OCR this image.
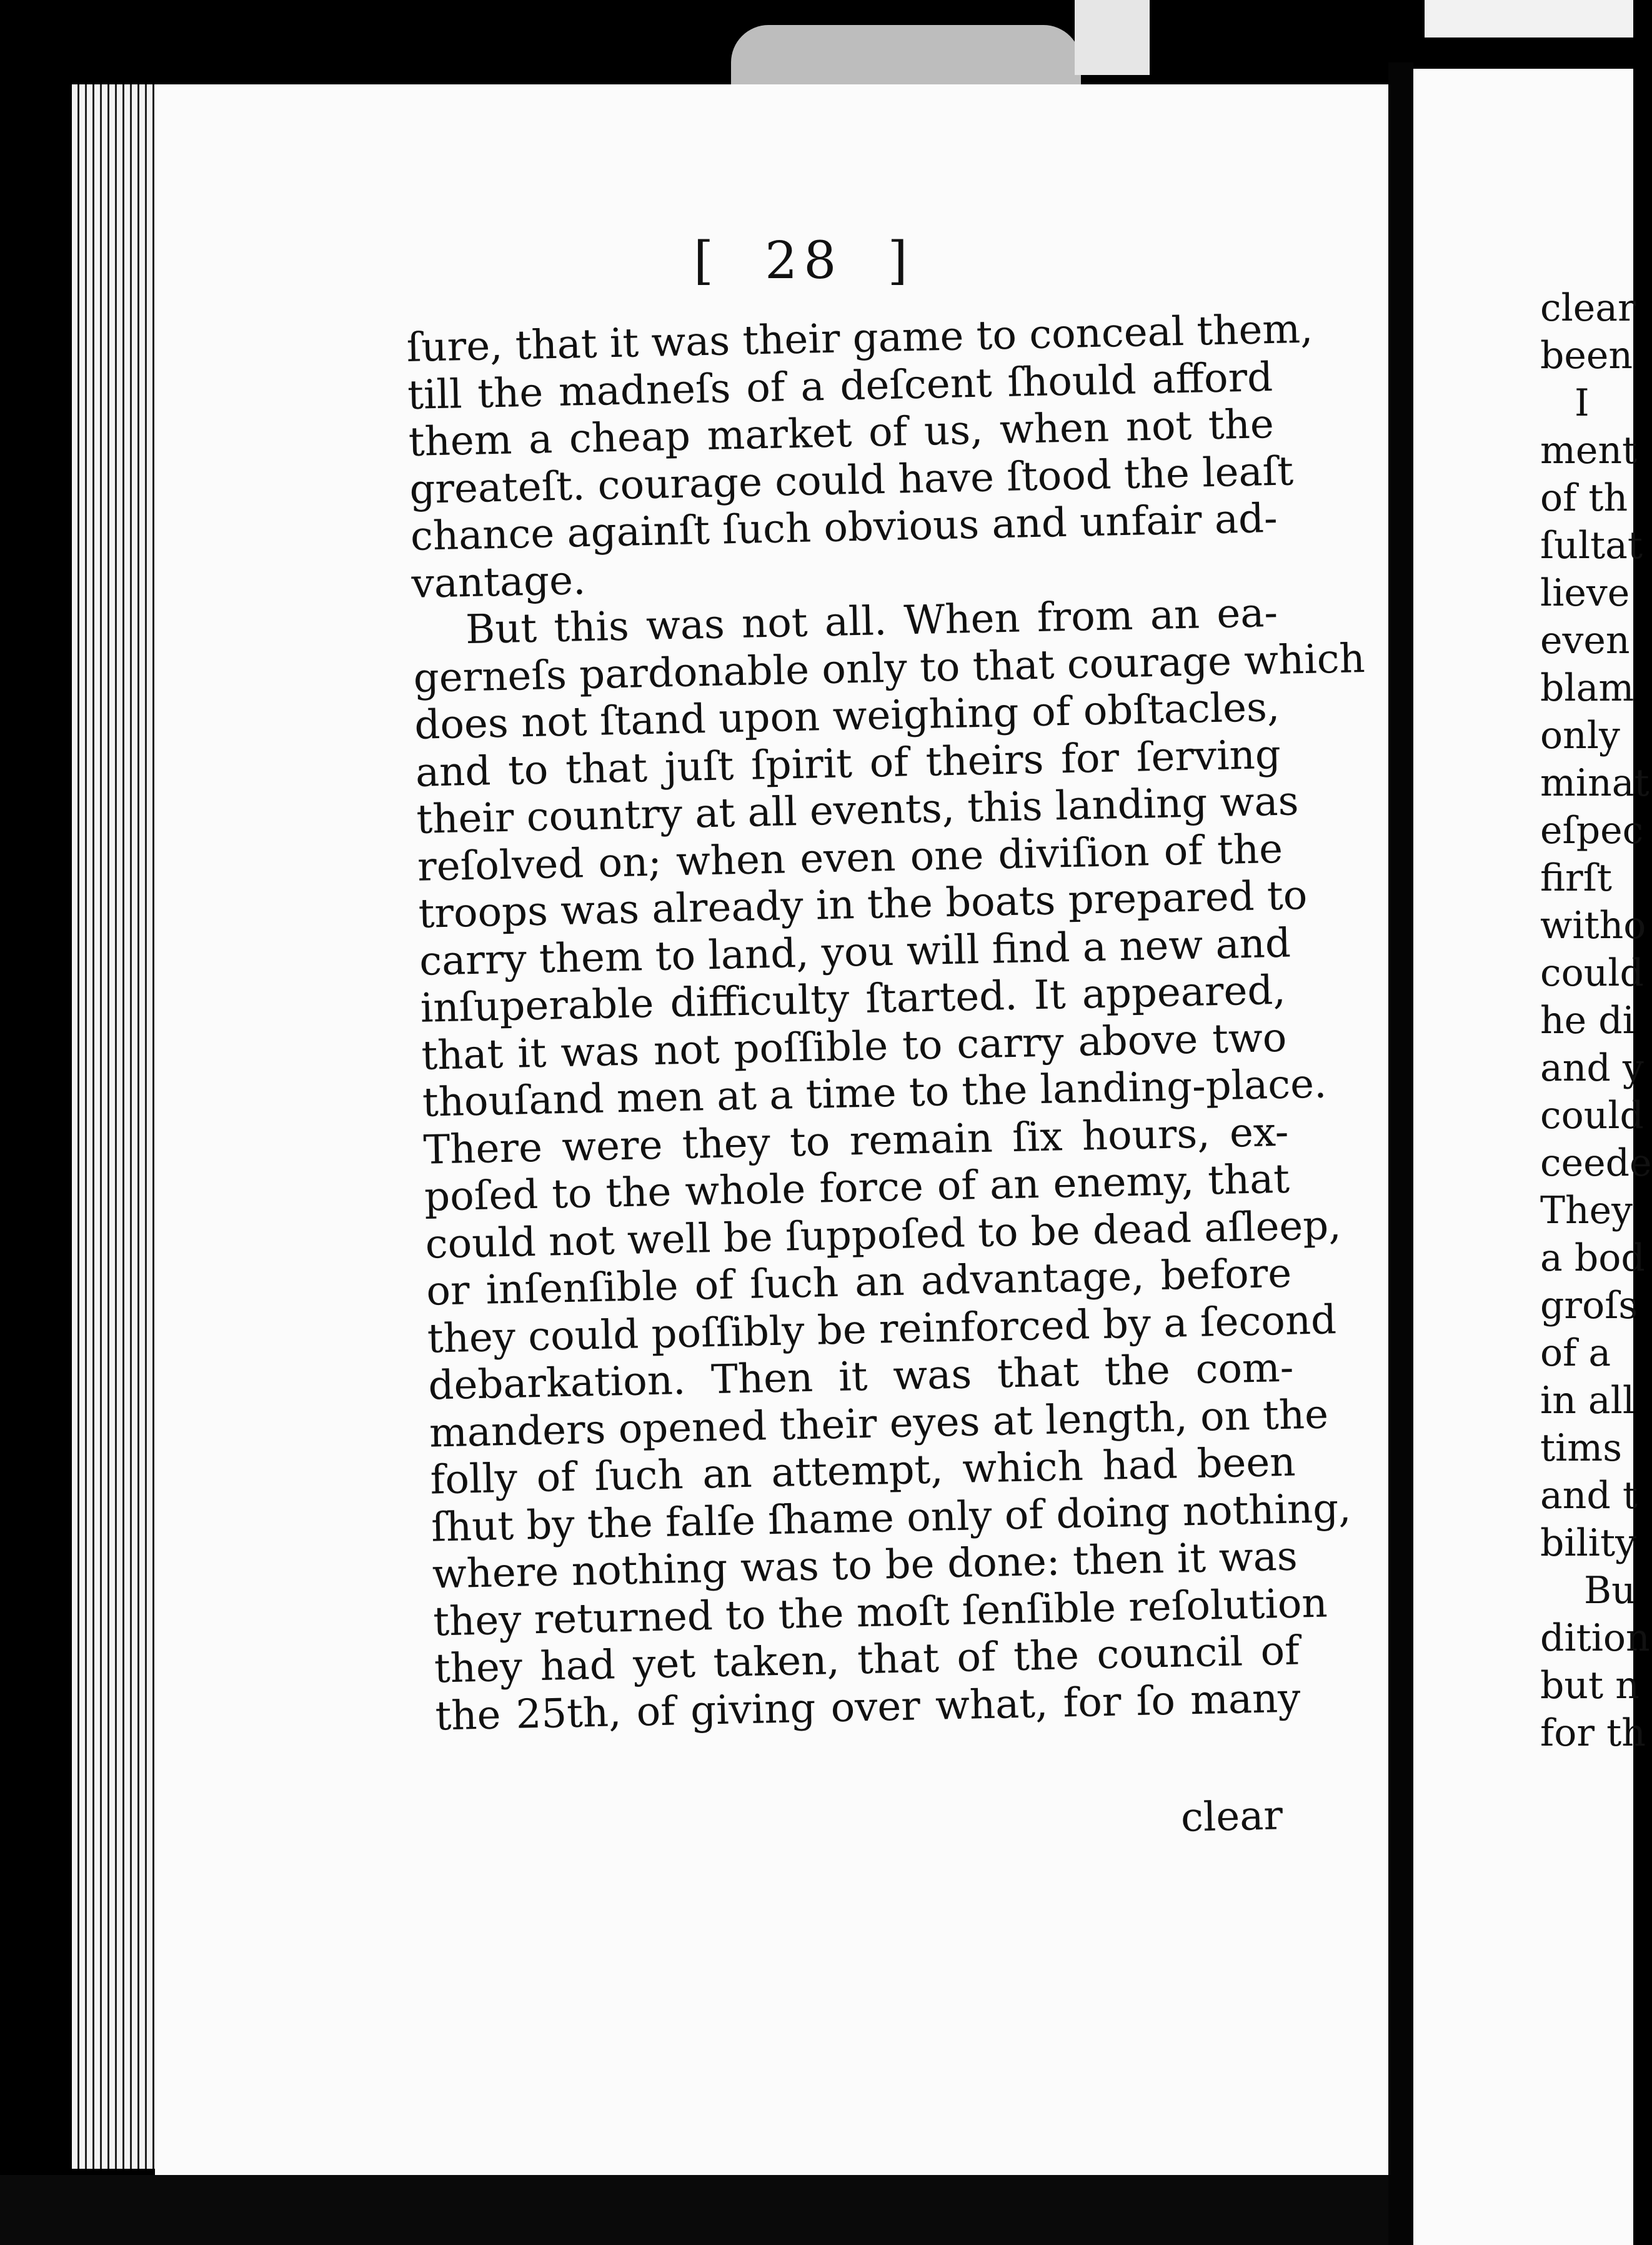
[  28  ]
ſure, that it was their game to conceal them,
till the madneſs of a deſcent ſhould afford
them a cheap market of us, when not the
greateſt. courage could have ſtood the leaſt
chance againſt ſuch obvious and unfair ad-
vantage.
But this was not all. When from an ea-
gerneſs pardonable only to that courage which
does not ſtand upon weighing of obſtacles,
and to that juſt ſpirit of theirs for ſerving
their country at all events, this landing was
reſolved on; when even one diviſion of the
troops was already in the boats prepared to
carry them to land, you will find a new and
inſuperable difficulty ſtarted. It appeared,
that it was not poſſible to carry above two
thouſand men at a time to the landing-place.
There were they to remain ſix hours, ex-
poſed to the whole force of an enemy, that
could not well be ſuppoſed to be dead aſleep,
or inſenſible of ſuch an advantage, before
they could poſſibly be reinforced by a ſecond
debarkation. Then it was that the com-
manders opened their eyes at length, on the
folly of ſuch an attempt, which had been
ſhut by the falſe ſhame only of doing nothing,
where nothing was to be done: then it was
they returned to the moſt ſenſible reſolution
they had yet taken, that of the council of
the 25th, of giving over what, for ſo many
clear
clear
been
I
ment
of th
ſultat
lieve
even
blam
only
minat
eſpec
firſt
witho
could
he di
and y
could
ceede
They
a bod
groſs
of a
in all
tims
and t
bility
Bu
dition
but n
for th
